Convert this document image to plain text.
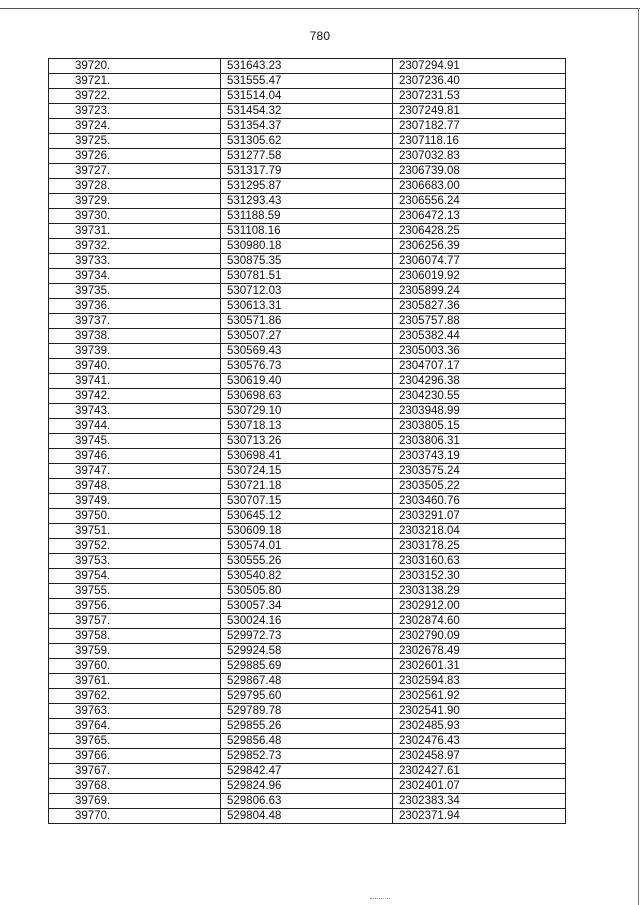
780
39720.	531643.23	2307294.91
39721.	531555.47	2307236.40
39722.	531514.04	2307231.53
39723.	531454.32	2307249.81
39724.	531354.37	2307182.77
39725.	531305.62	2307118.16
39726.	531277.58	2307032.83
39727.	531317.79	2306739.08
39728.	531295.87	2306683.00
39729.	531293.43	2306556.24
39730.	531188.59	2306472.13
39731.	531108.16	2306428.25
39732.	530980.18	2306256.39
39733.	530875.35	2306074.77
39734.	530781.51	2306019.92
39735.	530712.03	2305899.24
39736.	530613.31	2305827.36
39737.	530571.86	2305757.88
39738.	530507.27	2305382.44
39739.	530569.43	2305003.36
39740.	530576.73	2304707.17
39741.	530619.40	2304296.38
39742.	530698.63	2304230.55
39743.	530729.10	2303948.99
39744.	530718.13	2303805.15
39745.	530713.26	2303806.31
39746.	530698.41	2303743.19
39747.	530724.15	2303575.24
39748.	530721.18	2303505.22
39749.	530707.15	2303460.76
39750.	530645.12	2303291.07
39751.	530609.18	2303218.04
39752.	530574.01	2303178.25
39753.	530555.26	2303160.63
39754.	530540.82	2303152.30
39755.	530505.80	2303138.29
39756.	530057.34	2302912.00
39757.	530024.16	2302874.60
39758.	529972.73	2302790.09
39759.	529924.58	2302678.49
39760.	529885.69	2302601.31
39761.	529867.48	2302594.83
39762.	529795.60	2302561.92
39763.	529789.78	2302541.90
39764.	529855.26	2302485.93
39765.	529856.48	2302476.43
39766.	529852.73	2302458.97
39767.	529842.47	2302427.61
39768.	529824.96	2302401.07
39769.	529806.63	2302383.34
39770.	529804.48	2302371.94
